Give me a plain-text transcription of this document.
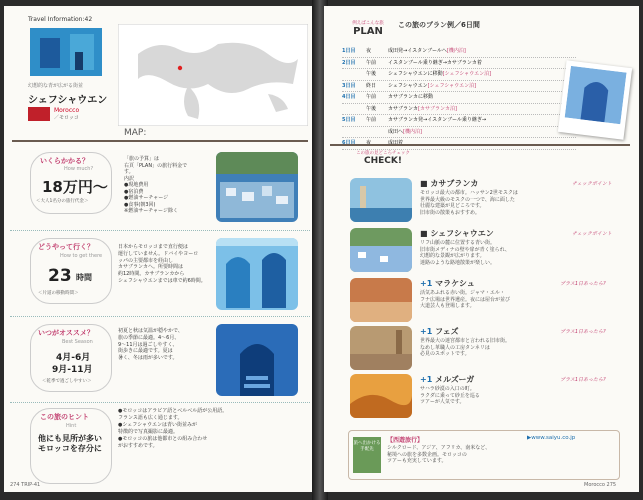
Travel Information:42
幻想的な青が広がる街並
シェフシャウエン
Morocco
／モロッコ
MAP:
いくらかかる？
How much?
18万円〜
＜大人1名分の旅行代金＞
「旅の予算」は
右頁「PLAN」の旅行料金です。
内訳
●現地費用
●宿泊費
●燃油サーチャージ
●食事(朝3回)
※燃油サーチャージ除く
どうやって行く？
How to get there
23 時間
＜片道の移動時間＞
日本からモロッコまで直行便は
運行していません。ドバイやヨーロ
ッパの主要都市を経由し
カサブランカへ。所要時間は
約12時間。カサブランカから
シェフシャウエンまでは車で約6時間。
いつがオススメ？
Best Season
4月-6月
9月-11月
＜乾季で過ごしやすい＞
初夏と秋は気温が穏やかで、
旅の季節に最適。4〜6月、
9〜11月は過ごしやすく、
街歩きに最適です。夏は
暑く、冬は雨が多いです。
この旅のヒント
Hint
他にも見所が多いモロッコを存分に
●モロッコはアラビア語とベルベル語が公用語。
フランス語も広く通じます。
●シェフシャウエンは青い街並みが
特徴的で写真撮影に最適。
●モロッコの旅は他都市との組み合わせ
がおすすめです。
274 TRIP-41
例えばこんな旅
PLAN
この旅のプラン例／6日間
1日目	夜	成田発→イスタンブールへ [機内泊]
2日目	午前	イスタンブール乗り継ぎ→カサブランカ着
午後	シェフシャウエンに移動 [シェフシャウエン泊]
3日目	終日	シェフシャウエン [シェフシャウエン泊]
4日目	午前	カサブランカに移動
午後	カサブランカ [カサブランカ泊]
5日目	午前	カサブランカ発→イスタンブール乗り継ぎ→
成田へ [機内泊]
6日目	夜	成田着
この旅の見どころチェック
CHECK!
■ カサブランカ	チェックポイント
モロッコ最大の都市。ハッサン2世モスクは
世界最大級のモスクの一つで、海に面した
壮麗な建築が見どころです。
旧市街の散策もおすすめ。
■ シェフシャウエン	チェックポイント
リフ山脈の麓に位置する青い街。
旧市街メディナの壁や扉が青く塗られ、
幻想的な景観が広がります。
迷路のような路地散策が楽しい。
+1 マラケシュ	プラス1日あったら?
活気あふれる赤い街。ジャマ・エル・
フナ広場は世界遺産。夜には屋台が並び
大道芸人も登場します。
+1 フェズ	プラス1日あったら?
世界最大の迷宮都市と言われる旧市街。
なめし革職人の工房タンネリは
必見のスポットです。
+1 メルズーガ	プラス1日あったら?
サハラ砂漠の入口の町。
ラクダに乗って砂丘を巡る
ツアーが人気です。
旅へ出かける手配先
【西遊旅行】	▶www.saiyu.co.jp
シルクロード、アジア、アフリカ、南米など、
秘境への旅を多数企画。モロッコの
ツアーも充実しています。
Morocco 275
